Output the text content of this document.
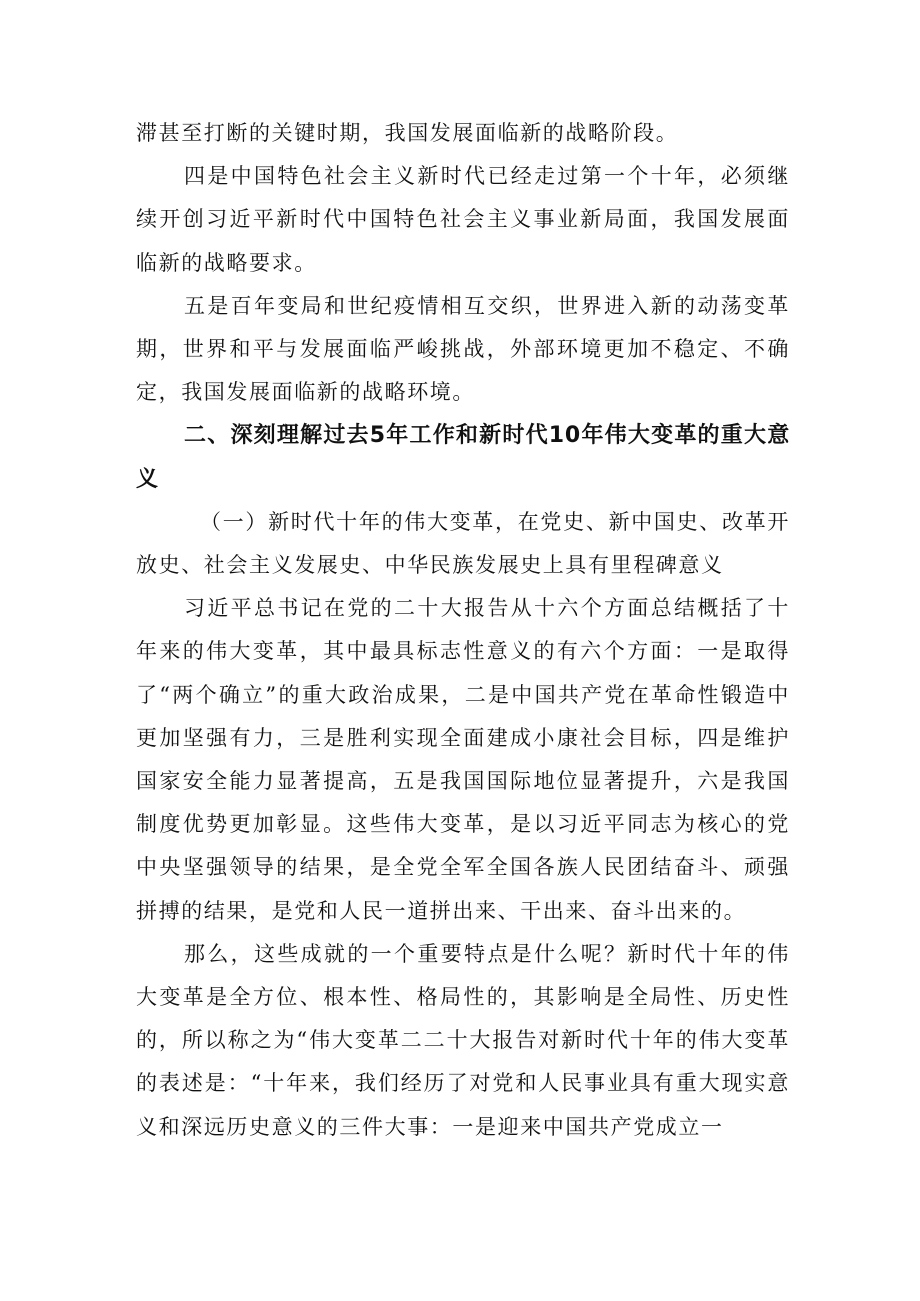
滞甚至打断的关键时期，我国发展面临新的战略阶段。

四是中国特色社会主义新时代已经走过第一个十年，必须继续开创习近平新时代中国特色社会主义事业新局面，我国发展面临新的战略要求。

五是百年变局和世纪疫情相互交织，世界进入新的动荡变革期，世界和平与发展面临严峻挑战，外部环境更加不稳定、不确定，我国发展面临新的战略环境。

二、深刻理解过去5年工作和新时代10年伟大变革的重大意义

（一）新时代十年的伟大变革，在党史、新中国史、改革开放史、社会主义发展史、中华民族发展史上具有里程碑意义

习近平总书记在党的二十大报告从十六个方面总结概括了十年来的伟大变革，其中最具标志性意义的有六个方面：一是取得了“两个确立”的重大政治成果，二是中国共产党在革命性锻造中更加坚强有力，三是胜利实现全面建成小康社会目标，四是维护国家安全能力显著提高，五是我国国际地位显著提升，六是我国制度优势更加彰显。这些伟大变革，是以习近平同志为核心的党中央坚强领导的结果，是全党全军全国各族人民团结奋斗、顽强拼搏的结果，是党和人民一道拼出来、干出来、奋斗出来的。

那么，这些成就的一个重要特点是什么呢？新时代十年的伟大变革是全方位、根本性、格局性的，其影响是全局性、历史性的，所以称之为“伟大变革二二十大报告对新时代十年的伟大变革的表述是：“十年来，我们经历了对党和人民事业具有重大现实意义和深远历史意义的三件大事：一是迎来中国共产党成立一
